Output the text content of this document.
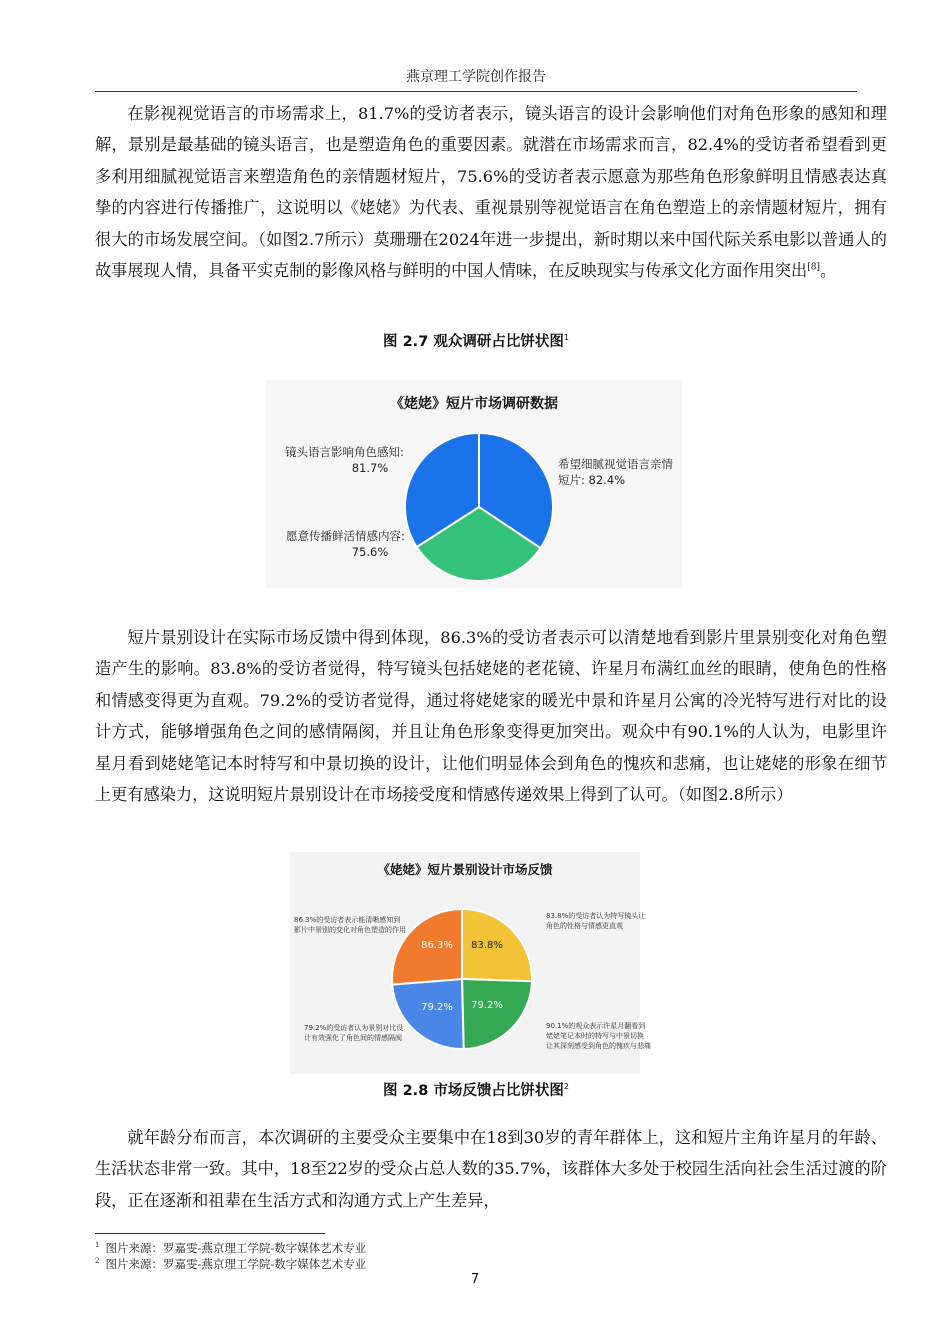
燕京理工学院创作报告

在影视视觉语言的市场需求上，81.7%的受访者表示，镜头语言的设计会影响他们对角色形象的感知和理解，景别是最基础的镜头语言，也是塑造角色的重要因素。就潜在市场需求而言，82.4%的受访者希望看到更多利用细腻视觉语言来塑造角色的亲情题材短片，75.6%的受访者表示愿意为那些角色形象鲜明且情感表达真挚的内容进行传播推广，这说明以《姥姥》为代表、重视景别等视觉语言在角色塑造上的亲情题材短片，拥有很大的市场发展空间。（如图2.7所示）莫珊珊在2024年进一步提出，新时期以来中国代际关系电影以普通人的故事展现人情，具备平实克制的影像风格与鲜明的中国人情味，在反映现实与传承文化方面作用突出[8]。

图 2.7 观众调研占比饼状图$^1$
《姥姥》短片市场调研数据
镜头语言影响角色感知:
81.7%
愿意传播鲜活情感内容:
75.6%
希望细腻视觉语言亲情
短片: 82.4%

短片景别设计在实际市场反馈中得到体现，86.3%的受访者表示可以清楚地看到影片里景别变化对角色塑造产生的影响。83.8%的受访者觉得，特写镜头包括姥姥的老花镜、许星月布满红血丝的眼睛，使角色的性格和情感变得更为直观。79.2%的受访者觉得，通过将姥姥家的暖光中景和许星月公寓的冷光特写进行对比的设计方式，能够增强角色之间的感情隔阂，并且让角色形象变得更加突出。观众中有90.1%的人认为，电影里许星月看到姥姥笔记本时特写和中景切换的设计，让他们明显体会到角色的愧疚和悲痛，也让姥姥的形象在细节上更有感染力，这说明短片景别设计在市场接受度和情感传递效果上得到了认可。（如图2.8所示）

《姥姥》短片景别设计市场反馈
83.8%
79.2%
79.2%
86.3%
86.3%的受访者表示能清晰感知到
影片中景别的变化对角色塑造的作用
83.8%的受访者认为特写镜头让
角色的性格与情感更直观
79.2%的受访者认为景别对比设
计有效强化了角色间的情感隔阂
90.1%的观众表示许星月翻看到
姥姥笔记本时的特写与中景切换
让其深刻感受到角色的愧疚与悲痛
图 2.8 市场反馈占比饼状图$^2$

就年龄分布而言，本次调研的主要受众主要集中在18到30岁的青年群体上，这和短片主角许星月的年龄、生活状态非常一致。其中，18至22岁的受众占总人数的35.7%，该群体大多处于校园生活向社会生活过渡的阶段，正在逐渐和祖辈在生活方式和沟通方式上产生差异，

$^1$ 图片来源：罗嘉雯-燕京理工学院-数字媒体艺术专业
$^2$ 图片来源：罗嘉雯-燕京理工学院-数字媒体艺术专业
7
